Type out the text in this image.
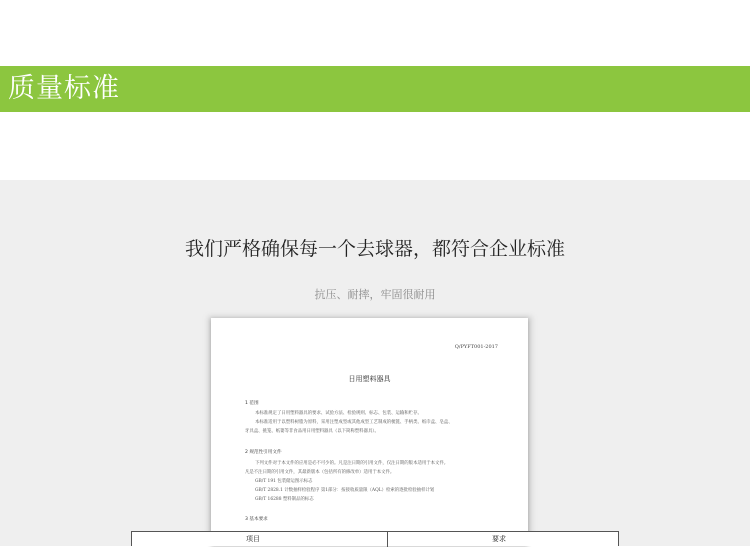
质量标准
我们严格确保每一个去球器，都符合企业标准
抗压、耐摔，牢固很耐用
Q/PYFT001-2017
日用塑料器具
1 范围
本标准规定了日用塑料器具的要求、试验方法、检验规则、标志、包装、运输和贮存。
本标准适用于以塑料树脂为原料，采用注塑成型或其他成型工艺制成的梳篦、手柄类、纸巾盒、皂盒、
牙具盒、挑笼、纸篓等非食品用日用塑料器具（以下简称塑料器具）。
2 规范性引用文件
下列文件对于本文件的应用是必不可少的。凡是注日期的引用文件，仅注日期的版本适用于本文件。
凡是不注日期的引用文件，其最新版本（包括所有的修改单）适用于本文件。
GB/T 191 包装储运图示标志
GB/T 2828.1 计数抽样检验程序 第1部分：按接收质量限（AQL）检索的逐批检验抽样计划
GB/T 16288 塑料制品的标志
3 基本要求
项目	要求
